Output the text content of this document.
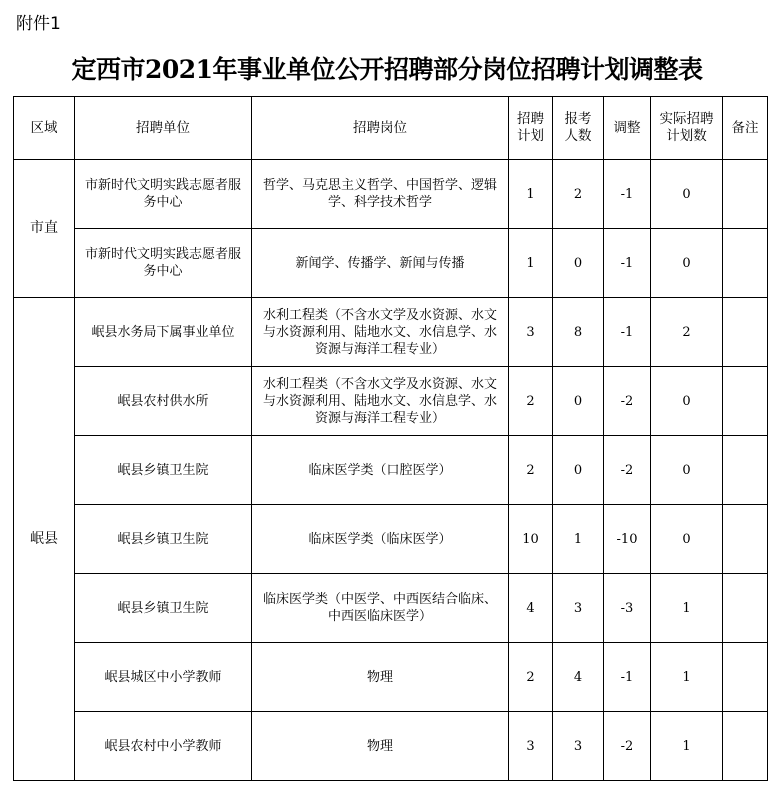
附件1
定西市2021年事业单位公开招聘部分岗位招聘计划调整表
区域	招聘单位	招聘岗位	招聘计划	报考人数	调整	实际招聘计划数	备注
市直	市新时代文明实践志愿者服务中心	哲学、马克思主义哲学、中国哲学、逻辑学、科学技术哲学	1	2	-1	0	
	市新时代文明实践志愿者服务中心	新闻学、传播学、新闻与传播	1	0	-1	0	
岷县	岷县水务局下属事业单位	水利工程类（不含水文学及水资源、水文与水资源利用、陆地水文、水信息学、水资源与海洋工程专业）	3	8	-1	2	
	岷县农村供水所	水利工程类（不含水文学及水资源、水文与水资源利用、陆地水文、水信息学、水资源与海洋工程专业）	2	0	-2	0	
	岷县乡镇卫生院	临床医学类（口腔医学）	2	0	-2	0	
	岷县乡镇卫生院	临床医学类（临床医学）	10	1	-10	0	
	岷县乡镇卫生院	临床医学类（中医学、中西医结合临床、中西医临床医学）	4	3	-3	1	
	岷县城区中小学教师	物理	2	4	-1	1	
	岷县农村中小学教师	物理	3	3	-2	1	
